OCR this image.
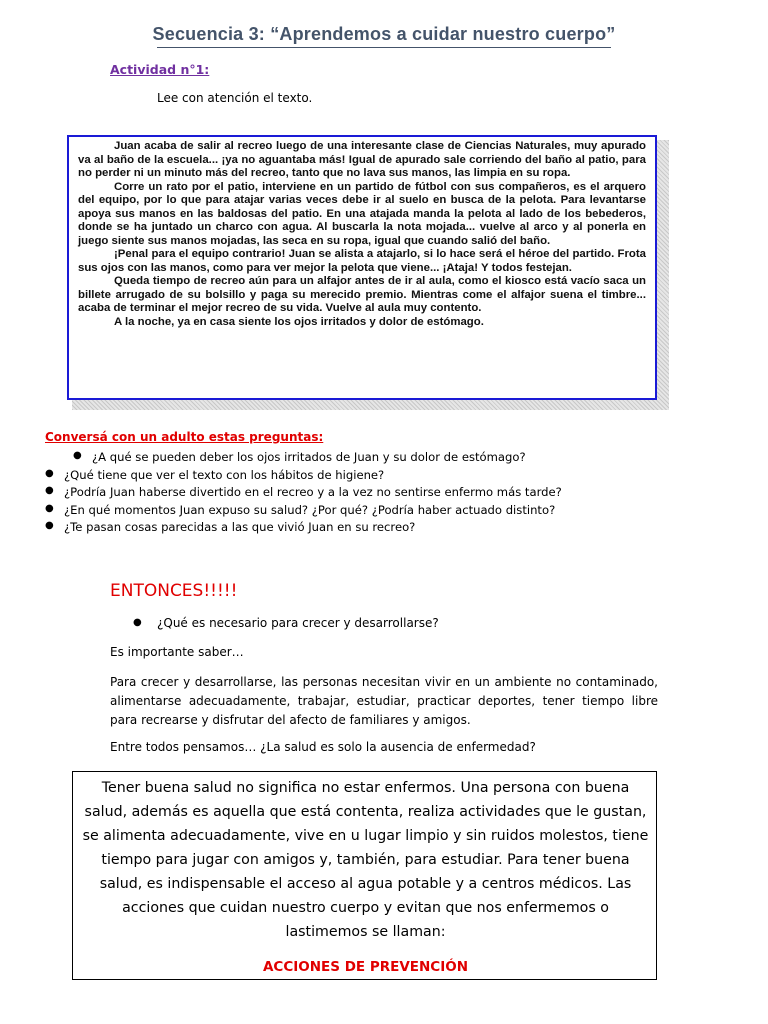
Secuencia 3: “Aprendemos a cuidar nuestro cuerpo”
Actividad n°1:
Lee con atención el texto.

Juan acaba de salir al recreo luego de una interesante clase de Ciencias Naturales, muy apurado va al baño de la escuela... ¡ya no aguantaba más! Igual de apurado sale corriendo del baño al patio, para no perder ni un minuto más del recreo, tanto que no lava sus manos, las limpia en su ropa.

Corre un rato por el patio, interviene en un partido de fútbol con sus compañeros, es el arquero del equipo, por lo que para atajar varias veces debe ir al suelo en busca de la pelota. Para levantarse apoya sus manos en las baldosas del patio. En una atajada manda la pelota al lado de los bebederos, donde se ha juntado un charco con agua. Al buscarla la nota mojada... vuelve al arco y al ponerla en juego siente sus manos mojadas, las seca en su ropa, igual que cuando salió del baño.

¡Penal para el equipo contrario! Juan se alista a atajarlo, si lo hace será el héroe del partido. Frota sus ojos con las manos, como para ver mejor la pelota que viene... ¡Ataja! Y todos festejan.

Queda tiempo de recreo aún para un alfajor antes de ir al aula, como el kiosco está vacío saca un billete arrugado de su bolsillo y paga su merecido premio. Mientras come el alfajor suena el timbre... acaba de terminar el mejor recreo de su vida. Vuelve al aula muy contento.

A la noche, ya en casa siente los ojos irritados y dolor de estómago.

Conversá con un adulto estas preguntas:
● ¿A qué se pueden deber los ojos irritados de Juan y su dolor de estómago?
● ¿Qué tiene que ver el texto con los hábitos de higiene?
● ¿Podría Juan haberse divertido en el recreo y a la vez no sentirse enfermo más tarde?
● ¿En qué momentos Juan expuso su salud? ¿Por qué? ¿Podría haber actuado distinto?
● ¿Te pasan cosas parecidas a las que vivió Juan en su recreo?
ENTONCES!!!!!
● ¿Qué es necesario para crecer y desarrollarse?
Es importante saber…

Para crecer y desarrollarse, las personas necesitan vivir en un ambiente no contaminado, alimentarse adecuadamente, trabajar, estudiar, practicar deportes, tener tiempo libre para recrearse y disfrutar del afecto de familiares y amigos.

Entre todos pensamos… ¿La salud es solo la ausencia de enfermedad?

Tener buena salud no significa no estar enfermos. Una persona con buena salud, además es aquella que está contenta, realiza actividades que le gustan, se alimenta adecuadamente, vive en u lugar limpio y sin ruidos molestos, tiene tiempo para jugar con amigos y, también, para estudiar. Para tener buena salud, es indispensable el acceso al agua potable y a centros médicos. Las acciones que cuidan nuestro cuerpo y evitan que nos enfermemos o lastimemos se llaman:

ACCIONES DE PREVENCIÓN
